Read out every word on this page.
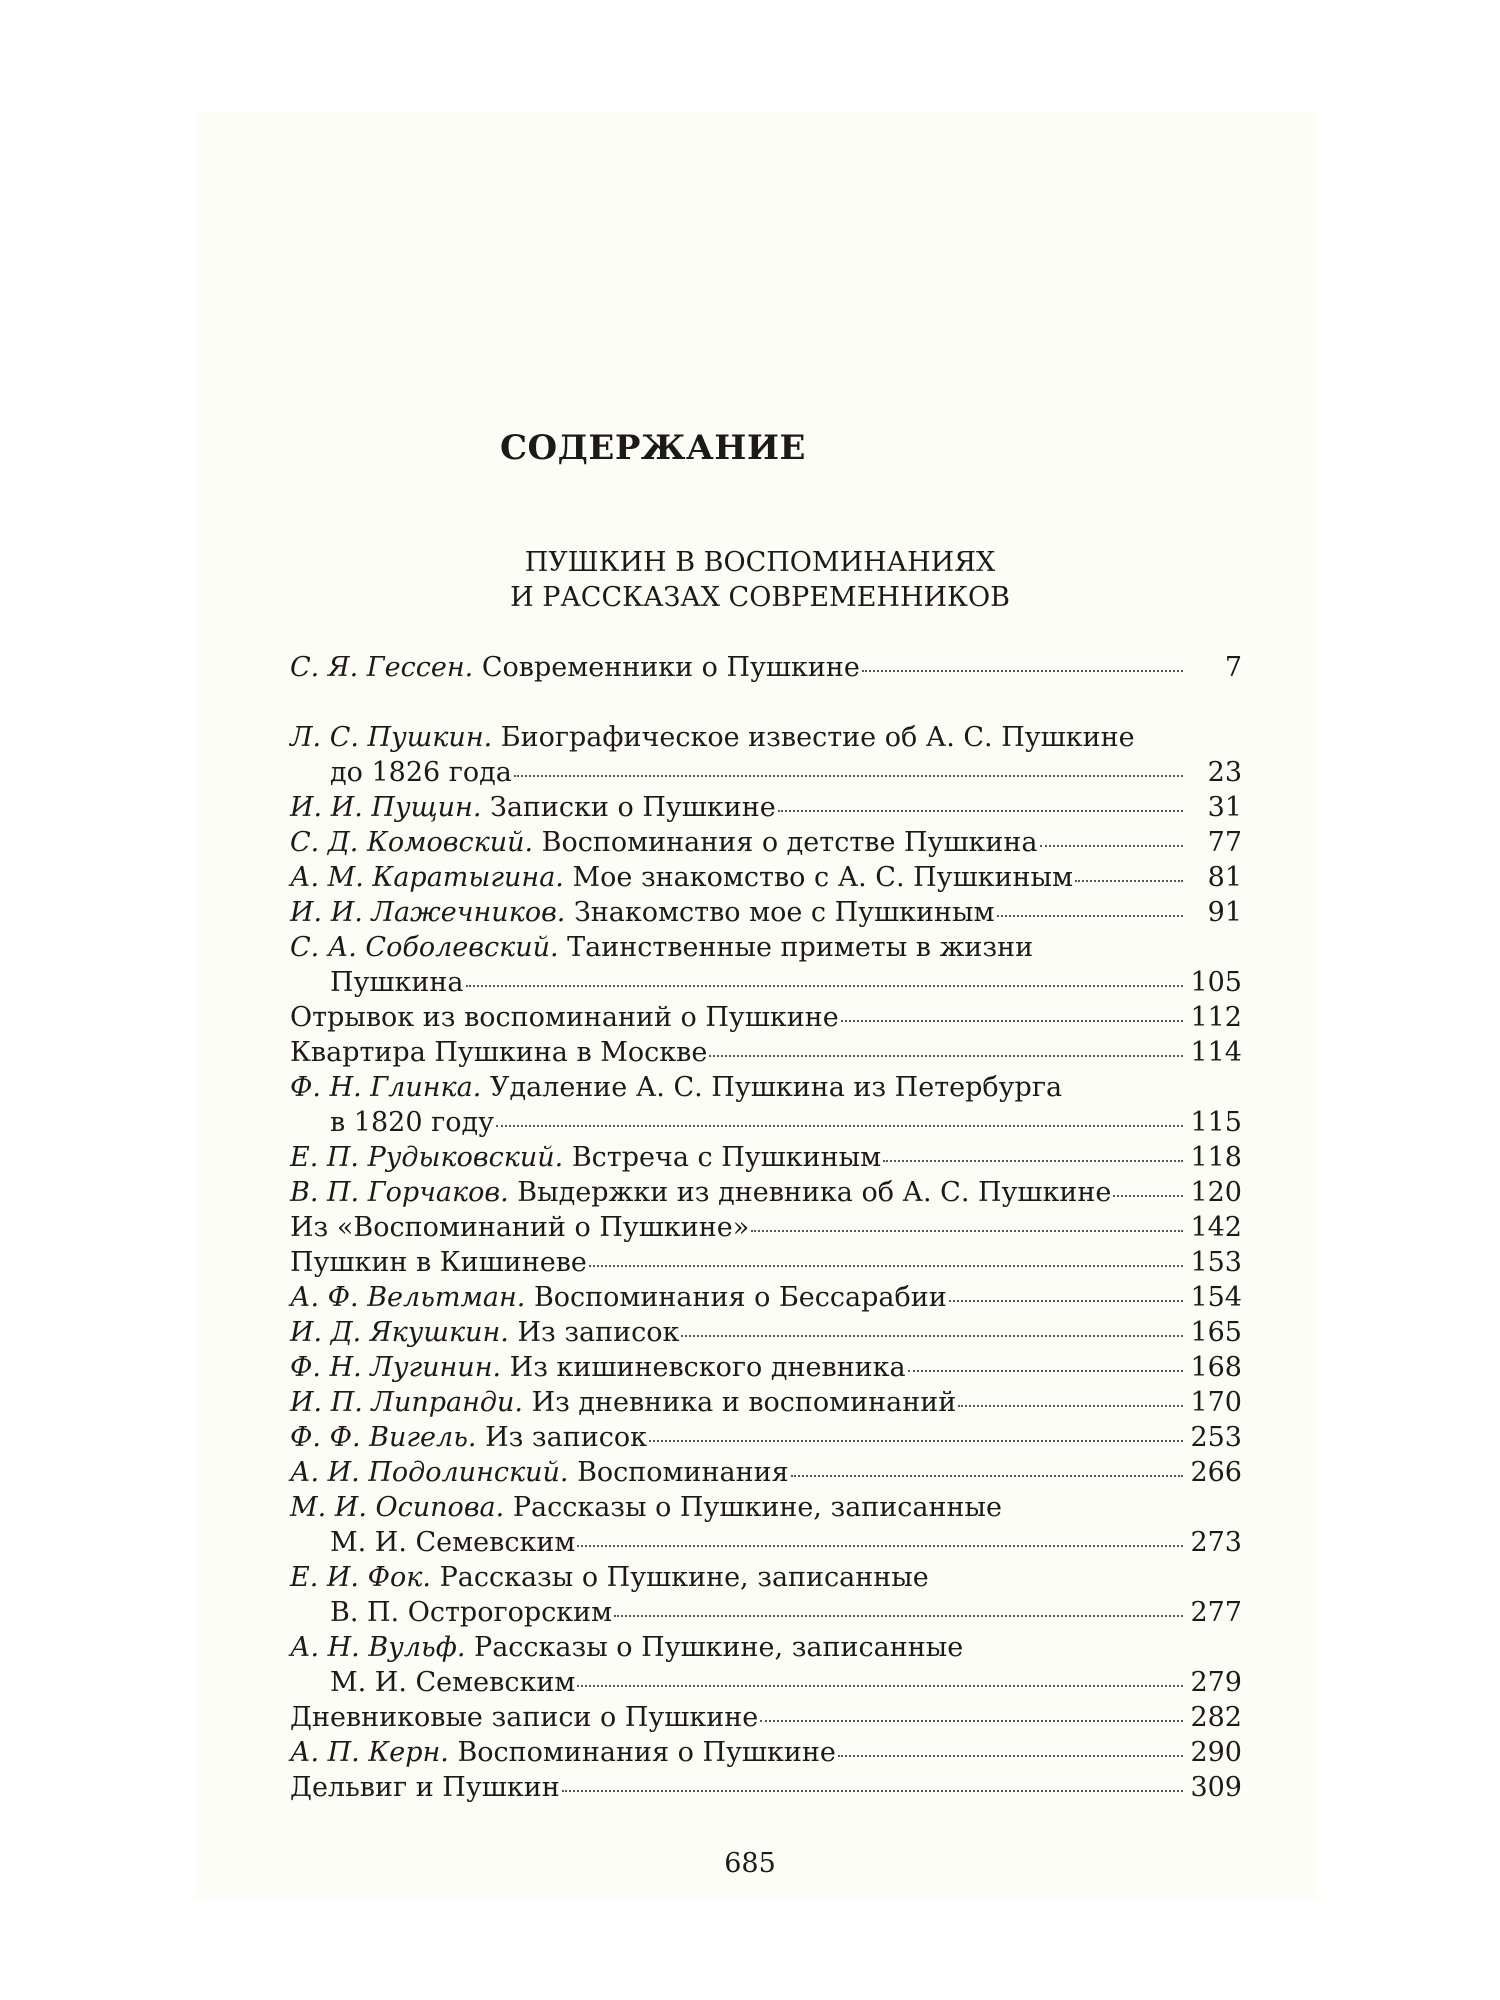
СОДЕРЖАНИЕ
ПУШКИН В ВОСПОМИНАНИЯХ
И РАССКАЗАХ СОВРЕМЕННИКОВ
С. Я. Гессен. Современники о Пушкине	7
Л. С. Пушкин. Биографическое известие об А. С. Пушкине
до 1826 года	23
И. И. Пущин. Записки о Пушкине	31
С. Д. Комовский. Воспоминания о детстве Пушкина	77
А. М. Каратыгина. Мое знакомство с А. С. Пушкиным	81
И. И. Лажечников. Знакомство мое с Пушкиным	91
С. А. Соболевский. Таинственные приметы в жизни
Пушкина	105
Отрывок из воспоминаний о Пушкине	112
Квартира Пушкина в Москве	114
Ф. Н. Глинка. Удаление А. С. Пушкина из Петербурга
в 1820 году	115
Е. П. Рудыковский. Встреча с Пушкиным	118
В. П. Горчаков. Выдержки из дневника об А. С. Пушкине	120
Из «Воспоминаний о Пушкине»	142
Пушкин в Кишиневе	153
А. Ф. Вельтман. Воспоминания о Бессарабии	154
И. Д. Якушкин. Из записок	165
Ф. Н. Лугинин. Из кишиневского дневника	168
И. П. Липранди. Из дневника и воспоминаний	170
Ф. Ф. Вигель. Из записок	253
А. И. Подолинский. Воспоминания	266
М. И. Осипова. Рассказы о Пушкине, записанные
М. И. Семевским	273
Е. И. Фок. Рассказы о Пушкине, записанные
В. П. Острогорским	277
А. Н. Вульф. Рассказы о Пушкине, записанные
М. И. Семевским	279
Дневниковые записи о Пушкине	282
А. П. Керн. Воспоминания о Пушкине	290
Дельвиг и Пушкин	309
685
